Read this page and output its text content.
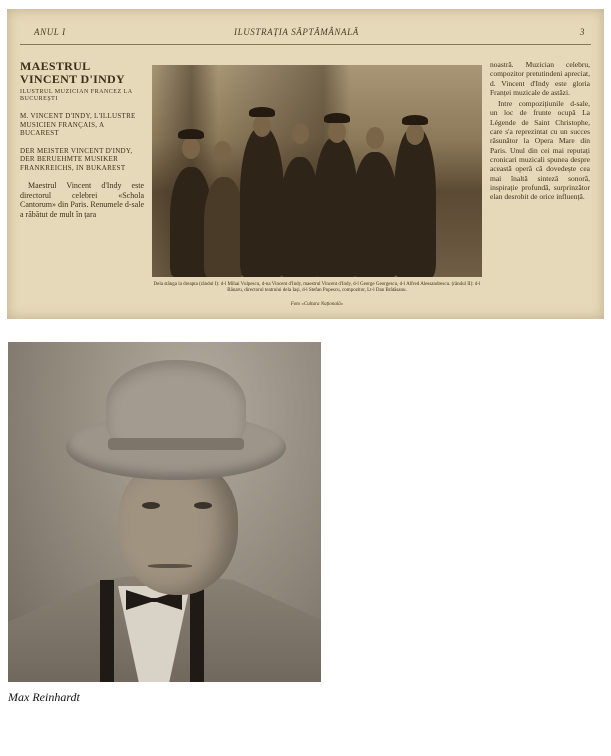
ANUL I	ILUSTRAȚIA SĂPTĂMÂNALĂ	3
MAESTRUL VINCENT D'INDY
ILUSTRUL MUZICIAN FRANCEZ LA BUCUREȘTI
M. VINCENT D'INDY, L'ILLUSTRE MUSICIEN FRANÇAIS, A BUCAREST
DER MEISTER VINCENT D'INDY, DER BERUEHMTE MUSIKER FRANKREICHS, IN BUKAREST
Maestrul Vincent d'Indy este directorul celebrei «Schola Cantorum» din Paris. Renumele d-sale a răbătut de mult în țara
Dela stânga la dreapta (rândul I): d-l Mihai Vulpescu, d-na Vincent d'Indy, maestrul Vincent d'Indy, d-l George Georgescu, d-l Alfred Alessandrescu. (rândul II): d-l Bânaru, directorul teatrului dela Iași, d-l Stefan Popescu, compozitor, Lt-l Dan Brătăsanu.
Foto «Cultura Națională»

noastră. Muzician celebru, compozitor pretutindeni apreciat, d. Vincent d'Indy este gloria Franței muzicale de astăzi.

Intre compozițiunile d-sale, un loc de frunte ocupă La Légende de Saint Christophe, care s'a reprezintat cu un succes răsunător la Opera Mare din Paris. Unul din cei mai reputați cronicari muzicali spunea despre această operă că dovedește cea mai înaltă sinteză sonoră, inspirație profundă, surprinzător elan desrobit de orice influență.

Max Reinhardt
